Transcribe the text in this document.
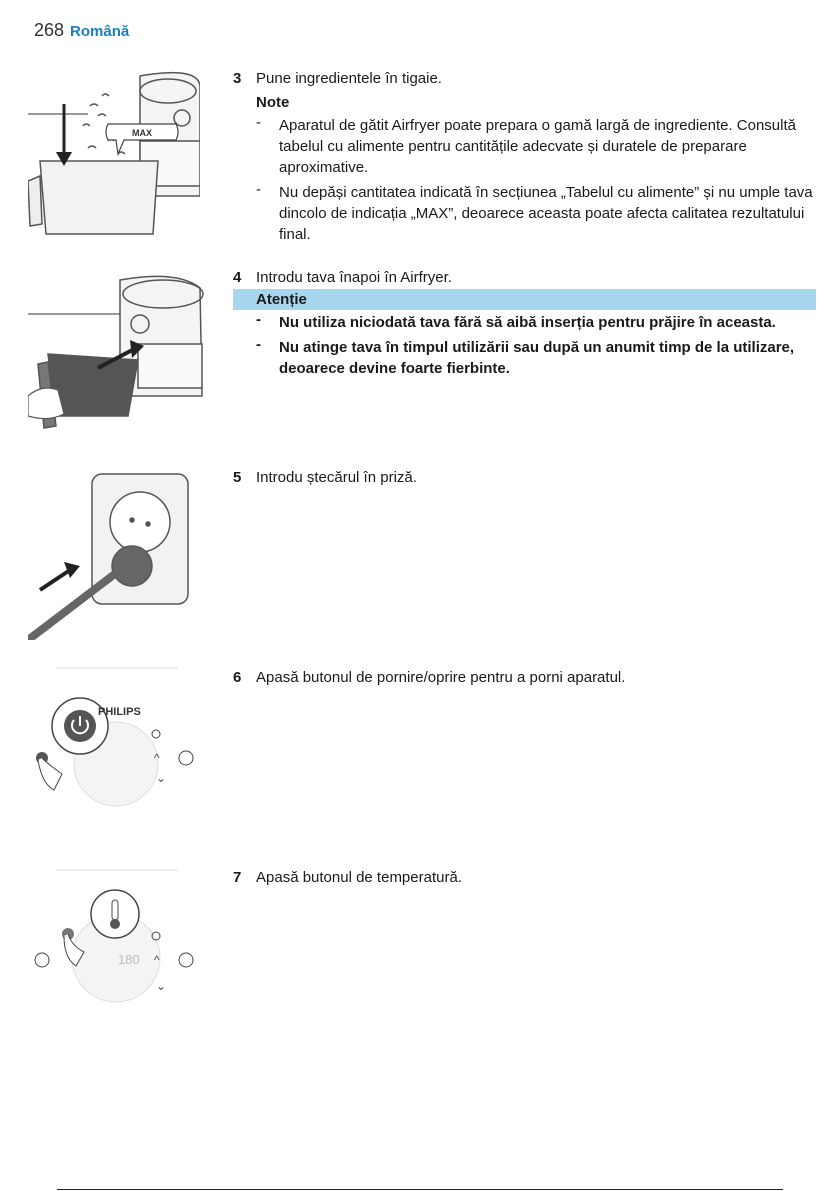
268 Română
MAX
3 Pune ingredientele în tigaie.
Note
- Aparatul de gătit Airfryer poate prepara o gamă largă de ingrediente. Consultă tabelul cu alimente pentru cantitățile adecvate și duratele de preparare aproximative.
- Nu depăși cantitatea indicată în secțiunea „Tabelul cu alimente” și nu umple tava dincolo de indicația „MAX”, deoarece aceasta poate afecta calitatea rezultatului final.
4 Introdu tava înapoi în Airfryer.
Atenție
- Nu utiliza niciodată tava fără să aibă inserția pentru prăjire în aceasta.
- Nu atinge tava în timpul utilizării sau după un anumit timp de la utilizare, deoarece devine foarte fierbinte.
5 Introdu ștecărul în priză.
PHILIPS
⌄
^
6 Apasă butonul de pornire/oprire pentru a porni aparatul.
180
⌄
^
7 Apasă butonul de temperatură.
